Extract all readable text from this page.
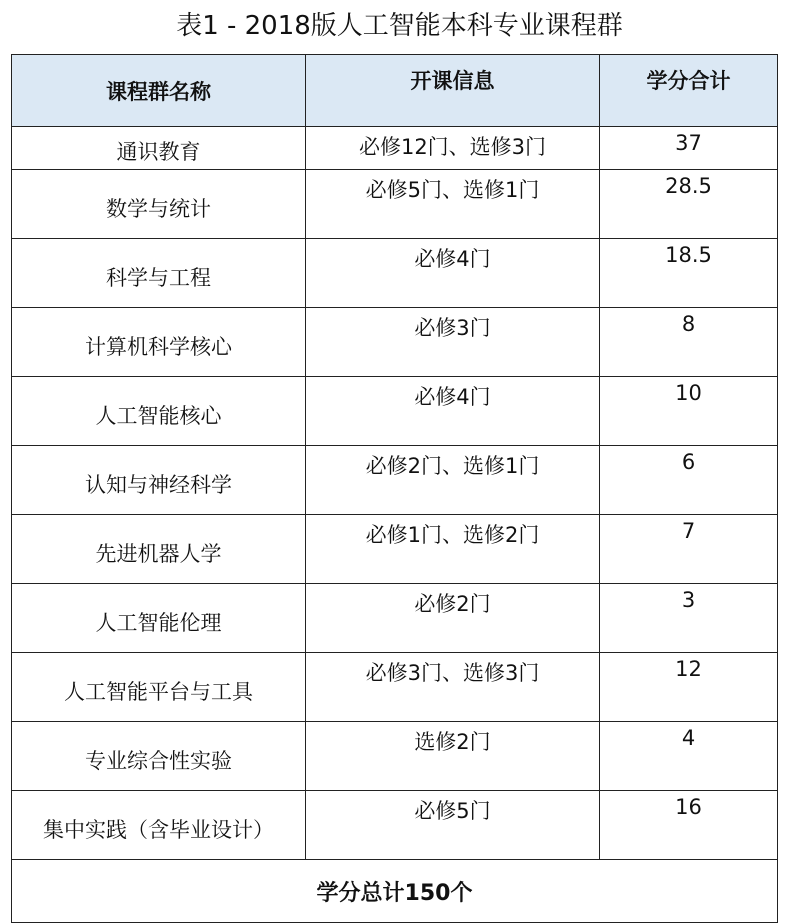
表1 - 2018版人工智能本科专业课程群
课程群名称	开课信息	学分合计
通识教育	必修12门、选修3门	37
数学与统计	必修5门、选修1门	28.5
科学与工程	必修4门	18.5
计算机科学核心	必修3门	8
人工智能核心	必修4门	10
认知与神经科学	必修2门、选修1门	6
先进机器人学	必修1门、选修2门	7
人工智能伦理	必修2门	3
人工智能平台与工具	必修3门、选修3门	12
专业综合性实验	选修2门	4
集中实践（含毕业设计）	必修5门	16
学分总计150个		
